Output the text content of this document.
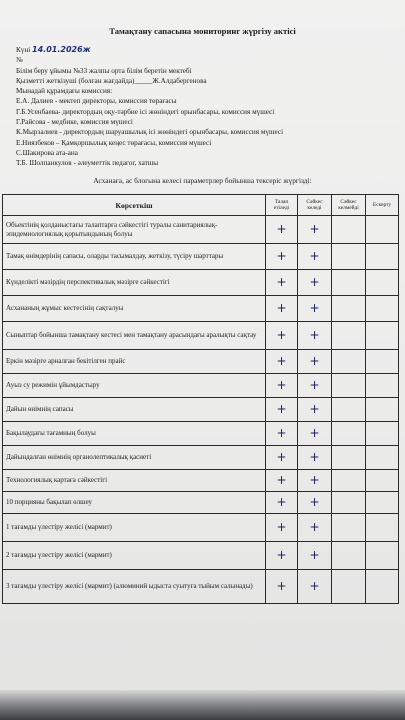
Тамақтану сапасына мониторинг жүргізу актісі
Күні 14.01.2026ж
№
Білім беру ұйымы №33 жалпы орта білім беретін мектебі
Қызметті жеткізуші (болған жағдайда)_____Ж.Алдабергенова
Мынадай құрамдағы комиссия:
Е.А. Далиев - мектеп директоры, комиссия төрағасы
Г.Б.Усенбаева- директордың оқу-тәрбие ісі жөніндегі орынбасары, комиссия мүшесі
Г.Райсова - медбике, комиссия мүшесі
К.Мырзалиев - директордың шаруашылық ісі жөніндегі орынбасары, комиссия мүшесі
Е.Ниязбеков – Қамқоршылық кеңес төрағасы, комиссия мүшесі
С.Шакирова ата-ана
Т.Б. Шолпанкулов - әлеуметтік педагог, хатшы
Асханаға, ас блогына келесі параметрлер бойынша тексеріс жүргізді:
Көрсеткіш	Талап етіледі	Сәйкес келеді	Сәйкес келмейді	Ескерту
Объектінің қолданыстағы талаптарға сәйкестігі туралы санитариялық-эпидемиологиялық қорытындының болуы	+	+		
Тамақ өнімдерінің сапасы, оларды тасымалдау, жеткізу, түсіру шарттары	+	+		
Күнделікті мәзірдің перспективалық мәзірге сәйкестігі	+	+		
Асхананың жұмыс кестесінің сақталуы	+	+		
Сыныптар бойынша тамақтану кестесі мен тамақтану арасындағы аралықты сақтау	+	+		
Еркін мәзірге арналған бекітілген прайс	+	+		
Ауыз су режимін ұйымдастыру	+	+		
Дайын өнімнің сапасы	+	+		
Бақылаудағы тағамның болуы	+	+		
Дайындалған өнімнің органолептикалық қасиеті	+	+		
Технологиялық картаға сәйкестігі	+	+		
10 порцияны бақылап өлшеу	+	+		
1 тағамды үлестіру желісі (мармит)	+	+		
2 тағамды үлестіру желісі (мармит)	+	+		
3 тағамды үлестіру желісі (мармит) (алюминий ыдыста суытуға тыйым салынады)	+	+		
